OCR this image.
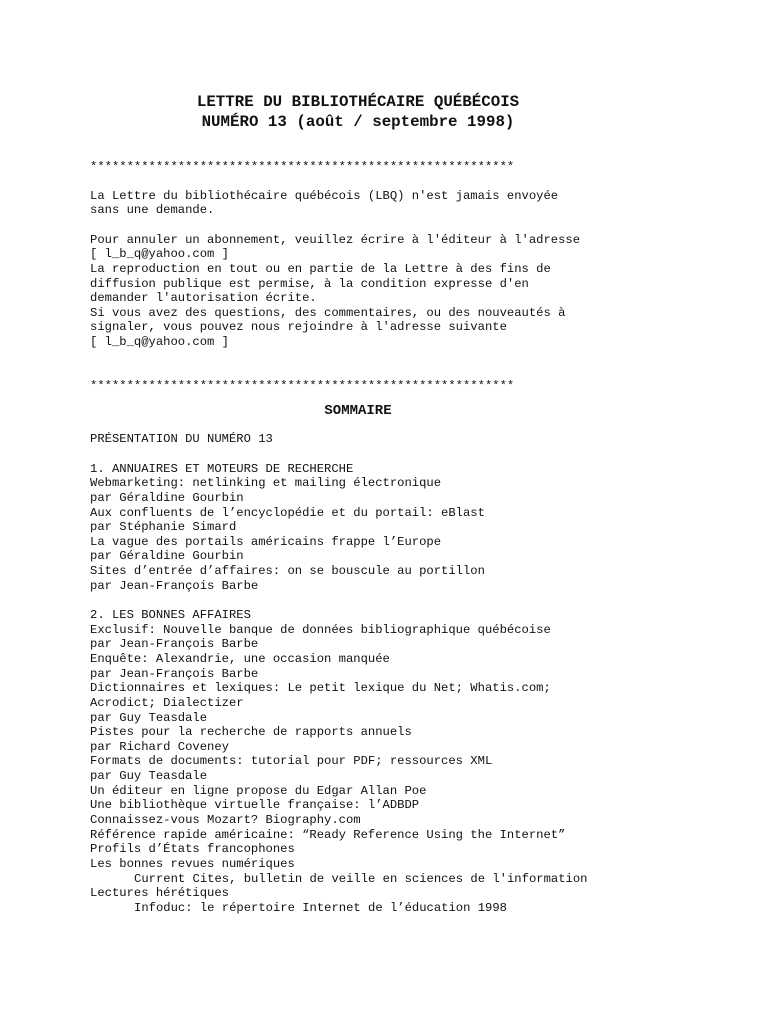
LETTRE DU BIBLIOTHÉCAIRE QUÉBÉCOIS
NUMÉRO 13 (août / septembre 1998)
**********************************************************
La Lettre du bibliothécaire québécois (LBQ) n'est jamais envoyée
sans une demande.
Pour annuler un abonnement, veuillez écrire à l'éditeur à l'adresse
[ l_b_q@yahoo.com ]
La reproduction en tout ou en partie de la Lettre à des fins de
diffusion publique est permise, à la condition expresse d'en
demander l'autorisation écrite.
Si vous avez des questions, des commentaires, ou des nouveautés à
signaler, vous pouvez nous rejoindre à l'adresse suivante
[ l_b_q@yahoo.com ]
**********************************************************
SOMMAIRE
PRÉSENTATION DU NUMÉRO 13
1. ANNUAIRES ET MOTEURS DE RECHERCHE
Webmarketing: netlinking et mailing électronique
par Géraldine Gourbin
Aux confluents de l’encyclopédie et du portail: eBlast
par Stéphanie Simard
La vague des portails américains frappe l’Europe
par Géraldine Gourbin
Sites d’entrée d’affaires: on se bouscule au portillon
par Jean-François Barbe
2. LES BONNES AFFAIRES
Exclusif: Nouvelle banque de données bibliographique québécoise
par Jean-François Barbe
Enquête: Alexandrie, une occasion manquée
par Jean-François Barbe
Dictionnaires et lexiques: Le petit lexique du Net; Whatis.com;
Acrodict; Dialectizer
par Guy Teasdale
Pistes pour la recherche de rapports annuels
par Richard Coveney
Formats de documents: tutorial pour PDF; ressources XML
par Guy Teasdale
Un éditeur en ligne propose du Edgar Allan Poe
Une bibliothèque virtuelle française: l’ADBDP
Connaissez-vous Mozart? Biography.com
Référence rapide américaine: “Ready Reference Using the Internet”
Profils d’États francophones
Les bonnes revues numériques
Current Cites, bulletin de veille en sciences de l'information
Lectures hérétiques
Infoduc: le répertoire Internet de l’éducation 1998
